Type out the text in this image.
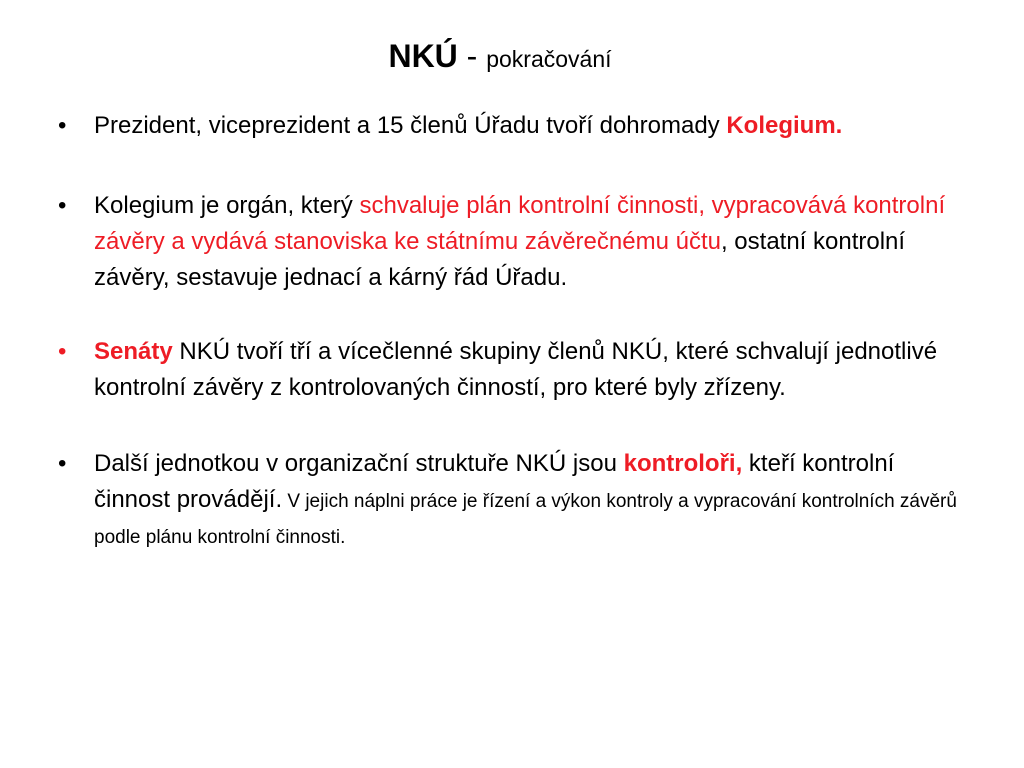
NKÚ - pokračování
• Prezident, viceprezident a 15 členů Úřadu tvoří dohromady Kolegium.
• Kolegium je orgán, který schvaluje plán kontrolní činnosti, vypracovává kontrolní závěry a vydává stanoviska ke státnímu závěrečnému účtu, ostatní kontrolní závěry, sestavuje jednací a kárný řád Úřadu.
• Senáty NKÚ tvoří tří a vícečlenné skupiny členů NKÚ, které schvalují jednotlivé kontrolní závěry z kontrolovaných činností, pro které byly zřízeny.
• Další jednotkou v organizační struktuře NKÚ jsou kontroloři, kteří kontrolní činnost provádějí. V jejich náplni práce je řízení a výkon kontroly a vypracování kontrolních závěrů podle plánu kontrolní činnosti.
